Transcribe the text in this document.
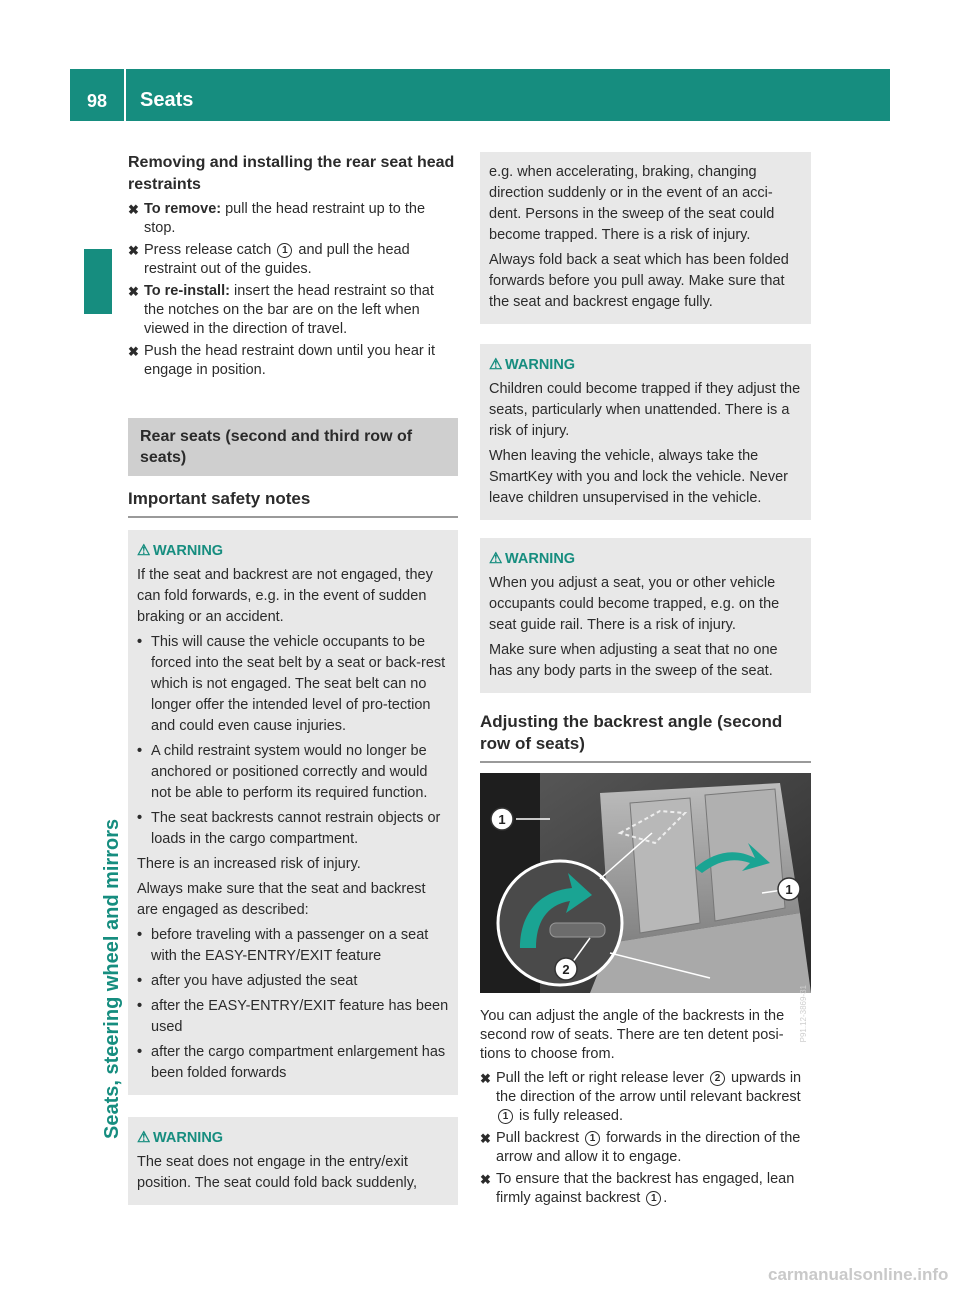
98	Seats
Seats, steering wheel and mirrors
Removing and installing the rear seat head restraints

✖ To remove: pull the head restraint up to the stop.

✖ Press release catch 1 and pull the head restraint out of the guides.

✖ To re-install: insert the head restraint so that the notches on the bar are on the left when viewed in the direction of travel.

✖ Push the head restraint down until you hear it engage in position.

Rear seats (second and third row of seats)
Important safety notes
⚠ WARNING

If the seat and backrest are not engaged, they can fold forwards, e.g. in the event of sudden braking or an accident.

• This will cause the vehicle occupants to be forced into the seat belt by a seat or back-rest which is not engaged. The seat belt can no longer offer the intended level of pro-tection and could even cause injuries.
• A child restraint system would no longer be anchored or positioned correctly and would not be able to perform its required function.
• The seat backrests cannot restrain objects or loads in the cargo compartment.

There is an increased risk of injury.

Always make sure that the seat and backrest are engaged as described:

• before traveling with a passenger on a seat with the EASY-ENTRY/EXIT feature
• after you have adjusted the seat
• after the EASY-ENTRY/EXIT feature has been used
• after the cargo compartment enlargement has been folded forwards
⚠ WARNING

The seat does not engage in the entry/exit position. The seat could fold back suddenly,

e.g. when accelerating, braking, changing direction suddenly or in the event of an acci-dent. Persons in the sweep of the seat could become trapped. There is a risk of injury.

Always fold back a seat which has been folded forwards before you pull away. Make sure that the seat and backrest engage fully.

⚠ WARNING

Children could become trapped if they adjust the seats, particularly when unattended. There is a risk of injury.

When leaving the vehicle, always take the SmartKey with you and lock the vehicle. Never leave children unsupervised in the vehicle.

⚠ WARNING

When you adjust a seat, you or other vehicle occupants could become trapped, e.g. on the seat guide rail. There is a risk of injury.

Make sure when adjusting a seat that no one has any body parts in the sweep of the seat.

Adjusting the backrest angle (second row of seats)
1
1
2
P91.12-3869-31

You can adjust the angle of the backrests in the second row of seats. There are ten detent posi-tions to choose from.

✖ Pull the left or right release lever 2 upwards in the direction of the arrow until relevant backrest 1 is fully released.

✖ Pull backrest 1 forwards in the direction of the arrow and allow it to engage.

✖ To ensure that the backrest has engaged, lean firmly against backrest 1 .

carmanualsonline.info
